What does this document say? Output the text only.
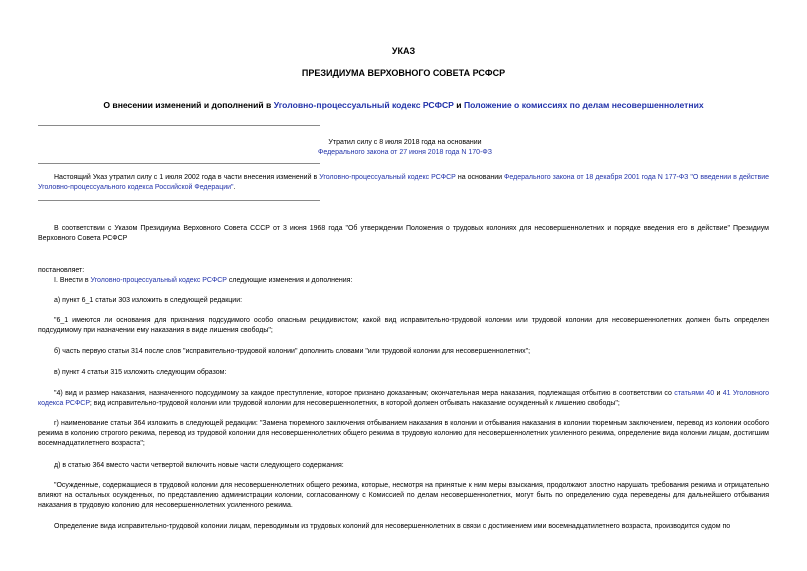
УКАЗ
ПРЕЗИДИУМА ВЕРХОВНОГО СОВЕТА РСФСР
О внесении изменений и дополнений в Уголовно-процессуальный кодекс РСФСР и Положение о комиссиях по делам несовершеннолетних
Утратил силу с 8 июля 2018 года на основании
Федерального закона от 27 июня 2018 года N 170-ФЗ
Настоящий Указ утратил силу с 1 июля 2002 года в части внесения изменений в Уголовно-процессуальный кодекс РСФСР на основании Федерального закона от 18 декабря 2001 года N 177-ФЗ "О введении в действие Уголовно-процессуального кодекса Российской Федерации".
В соответствии с Указом Президиума Верховного Совета СССР от 3 июня 1968 года "Об утверждении Положения о трудовых колониях для несовершеннолетних и порядке введения его в действие" Президиум Верховного Совета РСФСР
постановляет:
I. Внести в Уголовно-процессуальный кодекс РСФСР следующие изменения и дополнения:
а) пункт 6_1 статьи 303 изложить в следующей редакции:
"6_1 имеются ли основания для признания подсудимого особо опасным рецидивистом; какой вид исправительно-трудовой колонии или трудовой колонии для несовершеннолетних должен быть определен подсудимому при назначении ему наказания в виде лишения свободы";
б) часть первую статьи 314 после слов "исправительно-трудовой колонии" дополнить словами "или трудовой колонии для несовершеннолетних";
в) пункт 4 статьи 315 изложить следующим образом:
"4) вид и размер наказания, назначенного подсудимому за каждое преступление, которое признано доказанным; окончательная мера наказания, подлежащая отбытию в соответствии со статьями 40 и 41 Уголовного кодекса РСФСР; вид исправительно-трудовой колонии или трудовой колонии для несовершеннолетних, в которой должен отбывать наказание осужденный к лишению свободы";
г) наименование статьи 364 изложить в следующей редакции: "Замена тюремного заключения отбыванием наказания в колонии и отбывания наказания в колонии тюремным заключением, перевод из колонии особого режима в колонию строгого режима, перевод из трудовой колонии для несовершеннолетних общего режима в трудовую колонию для несовершеннолетних усиленного режима, определение вида колонии лицам, достигшим восемнадцатилетнего возраста";
д) в статью 364 вместо части четвертой включить новые части следующего содержания:
"Осужденные, содержащиеся в трудовой колонии для несовершеннолетних общего режима, которые, несмотря на принятые к ним меры взыскания, продолжают злостно нарушать требования режима и отрицательно влияют на остальных осужденных, по представлению администрации колонии, согласованному с Комиссией по делам несовершеннолетних, могут быть по определению суда переведены для дальнейшего отбывания наказания в трудовую колонию для несовершеннолетних усиленного режима.
Определение вида исправительно-трудовой колонии лицам, переводимым из трудовых колоний для несовершеннолетних в связи с достижением ими восемнадцатилетнего возраста, производится судом по
